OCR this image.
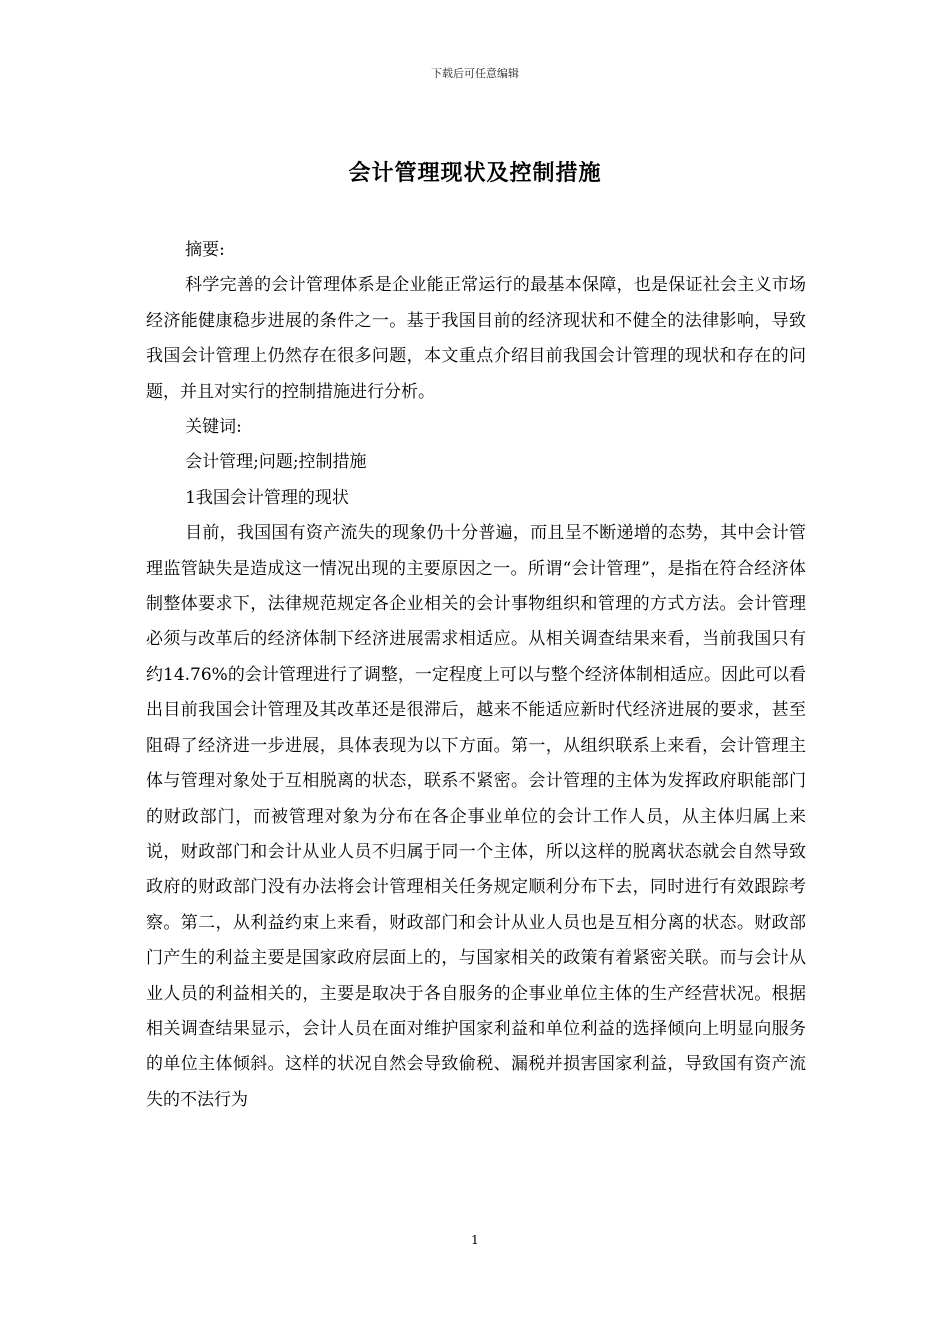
下载后可任意编辑
会计管理现状及控制措施

摘要:

科学完善的会计管理体系是企业能正常运行的最基本保障，也是保证社会主义市场经济能健康稳步进展的条件之一。基于我国目前的经济现状和不健全的法律影响，导致我国会计管理上仍然存在很多问题，本文重点介绍目前我国会计管理的现状和存在的问题，并且对实行的控制措施进行分析。

关键词:

会计管理;问题;控制措施

1我国会计管理的现状

目前，我国国有资产流失的现象仍十分普遍，而且呈不断递增的态势，其中会计管理监管缺失是造成这一情况出现的主要原因之一。所谓“会计管理”，是指在符合经济体制整体要求下，法律规范规定各企业相关的会计事物组织和管理的方式方法。会计管理必须与改革后的经济体制下经济进展需求相适应。从相关调查结果来看，当前我国只有约14.76%的会计管理进行了调整，一定程度上可以与整个经济体制相适应。因此可以看出目前我国会计管理及其改革还是很滞后，越来不能适应新时代经济进展的要求，甚至阻碍了经济进一步进展，具体表现为以下方面。第一，从组织联系上来看，会计管理主体与管理对象处于互相脱离的状态，联系不紧密。会计管理的主体为发挥政府职能部门的财政部门，而被管理对象为分布在各企事业单位的会计工作人员，从主体归属上来说，财政部门和会计从业人员不归属于同一个主体，所以这样的脱离状态就会自然导致政府的财政部门没有办法将会计管理相关任务规定顺利分布下去，同时进行有效跟踪考察。第二，从利益约束上来看，财政部门和会计从业人员也是互相分离的状态。财政部门产生的利益主要是国家政府层面上的，与国家相关的政策有着紧密关联。而与会计从业人员的利益相关的，主要是取决于各自服务的企事业单位主体的生产经营状况。根据相关调查结果显示，会计人员在面对维护国家利益和单位利益的选择倾向上明显向服务的单位主体倾斜。这样的状况自然会导致偷税、漏税并损害国家利益，导致国有资产流失的不法行为

1
